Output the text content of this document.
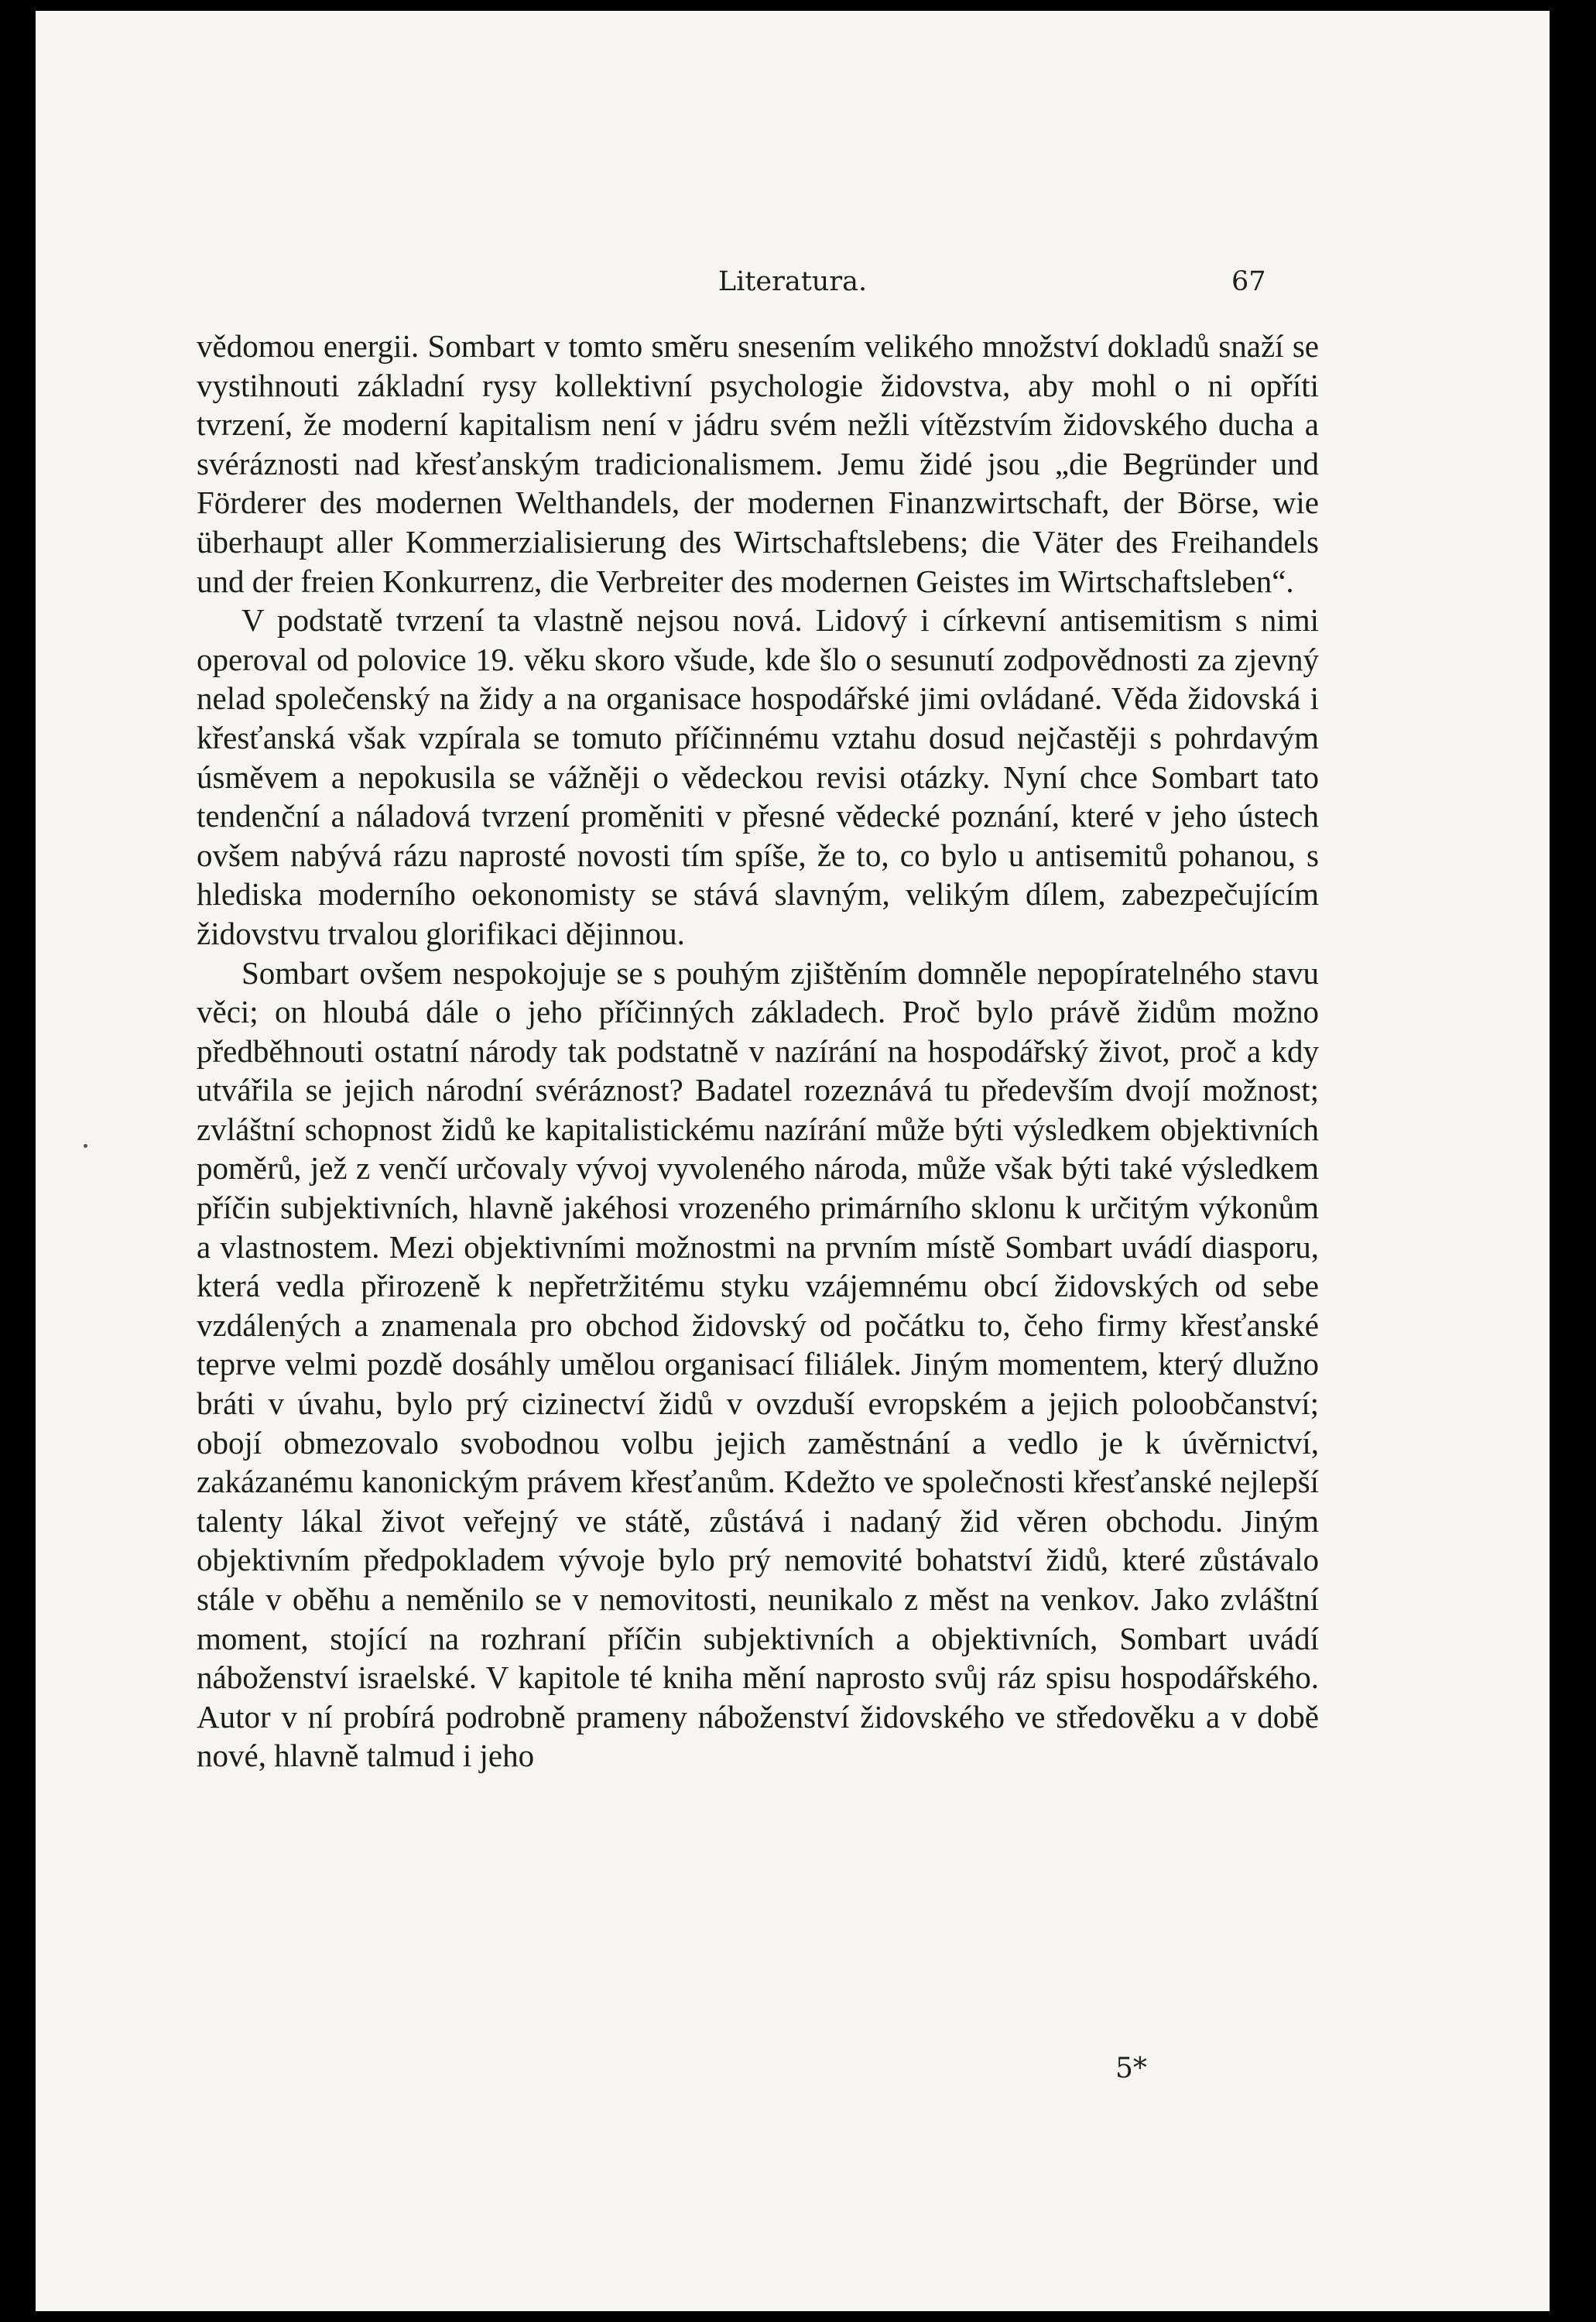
Literatura.	67

vědomou energii. Sombart v tomto směru snesením velikého množství dokladů snaží se vystihnouti základní rysy kollektivní psychologie židovstva, aby mohl o ni opříti tvrzení, že moderní kapitalism není v jádru svém nežli vítězstvím židovského ducha a svéráznosti nad křesťanským tradicionalismem. Jemu židé jsou „die Begründer und Förderer des modernen Welthandels, der modernen Finanzwirtschaft, der Börse, wie überhaupt aller Kommerzialisierung des Wirtschaftslebens; die Väter des Freihandels und der freien Konkurrenz, die Verbreiter des modernen Geistes im Wirtschaftsleben“.

V podstatě tvrzení ta vlastně nejsou nová. Lidový i církevní antisemitism s nimi operoval od polovice 19. věku skoro všude, kde šlo o sesunutí zodpovědnosti za zjevný nelad společenský na židy a na organisace hospodářské jimi ovládané. Věda židovská i křesťanská však vzpírala se tomuto příčinnému vztahu dosud nejčastěji s pohrdavým úsměvem a nepokusila se vážněji o vědeckou revisi otázky. Nyní chce Sombart tato tendenční a náladová tvrzení proměniti v přesné vědecké poznání, které v jeho ústech ovšem nabývá rázu naprosté novosti tím spíše, že to, co bylo u antisemitů pohanou, s hlediska moderního oekonomisty se stává slavným, velikým dílem, zabezpečujícím židovstvu trvalou glorifikaci dějinnou.

Sombart ovšem nespokojuje se s pouhým zjištěním domněle nepopíratelného stavu věci; on hloubá dále o jeho příčinných základech. Proč bylo právě židům možno předběhnouti ostatní národy tak podstatně v nazírání na hospodářský život, proč a kdy utvářila se jejich národní svéráznost? Badatel rozeznává tu především dvojí možnost; zvláštní schopnost židů ke kapitalistickému nazírání může býti výsledkem objektivních poměrů, jež z venčí určovaly vývoj vyvoleného národa, může však býti také výsledkem příčin subjektivních, hlavně jakéhosi vrozeného primárního sklonu k určitým výkonům a vlastnostem. Mezi objektivními možnostmi na prvním místě Sombart uvádí diasporu, která vedla přirozeně k nepřetržitému styku vzájemnému obcí židovských od sebe vzdálených a znamenala pro obchod židovský od počátku to, čeho firmy křesťanské teprve velmi pozdě dosáhly umělou organisací filiálek. Jiným momentem, který dlužno bráti v úvahu, bylo prý cizinectví židů v ovzduší evropském a jejich poloobčanství; obojí obmezovalo svobodnou volbu jejich zaměstnání a vedlo je k úvěrnictví, zakázanému kanonickým právem křesťanům. Kdežto ve společnosti křesťanské nejlepší talenty lákal život veřejný ve státě, zůstává i nadaný žid věren obchodu. Jiným objektivním předpokladem vývoje bylo prý nemovité bohatství židů, které zůstávalo stále v oběhu a neměnilo se v nemovitosti, neunikalo z měst na venkov. Jako zvláštní moment, stojící na rozhraní příčin subjektivních a objektivních, Sombart uvádí náboženství israelské. V kapitole té kniha mění naprosto svůj ráz spisu hospodářského. Autor v ní probírá podrobně prameny náboženství židovského ve středověku a v době nové, hlavně talmud i jeho

5*
